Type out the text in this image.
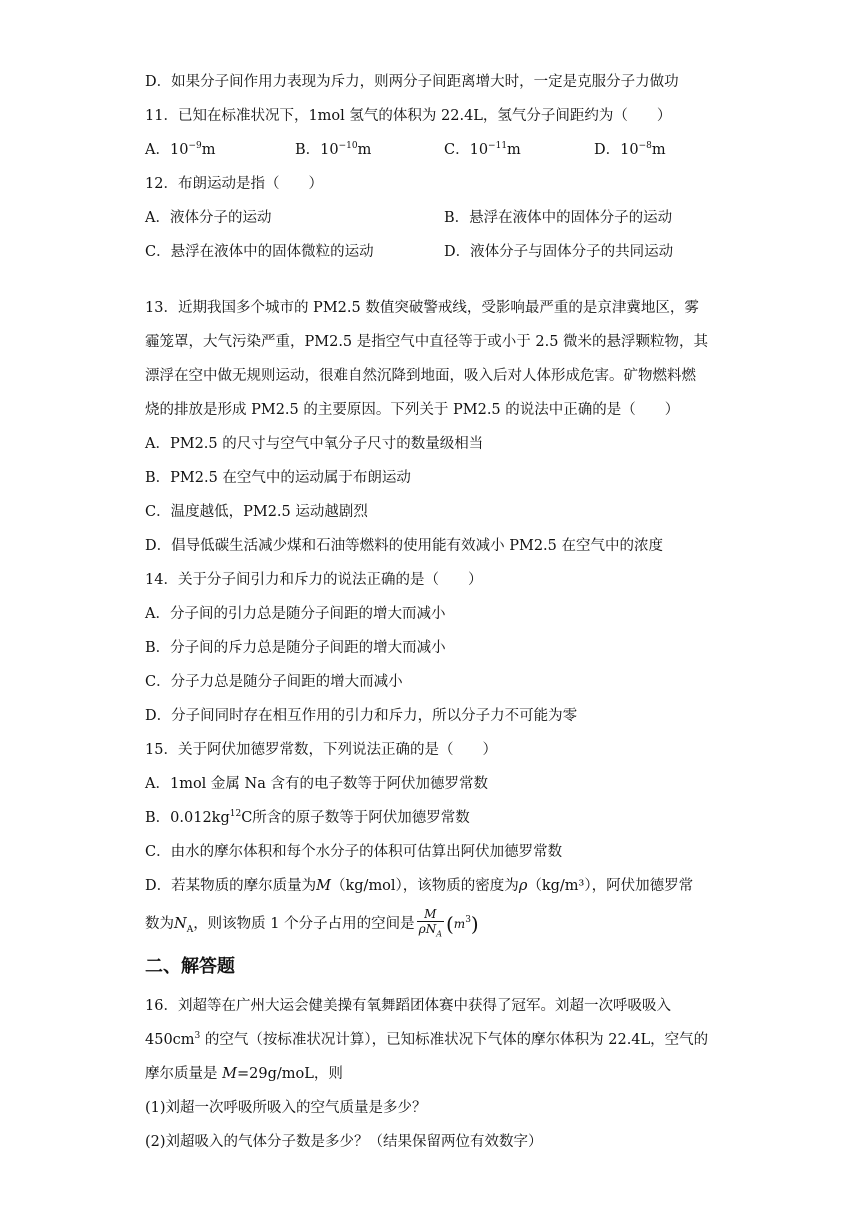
D．如果分子间作用力表现为斥力，则两分子间距离增大时，一定是克服分子力做功
11．已知在标准状况下，1mol 氢气的体积为 22.4L，氢气分子间距约为（　　）
A．$10^{-9}m$	B．$10^{-10}m$	C．$10^{-11}m$	D．$10^{-8}m$
12．布朗运动是指（　　）
A．液体分子的运动	B．悬浮在液体中的固体分子的运动
C．悬浮在液体中的固体微粒的运动	D．液体分子与固体分子的共同运动
13．近期我国多个城市的 PM2.5 数值突破警戒线，受影响最严重的是京津冀地区，雾
霾笼罩，大气污染严重，PM2.5 是指空气中直径等于或小于 2.5 微米的悬浮颗粒物，其
漂浮在空中做无规则运动，很难自然沉降到地面，吸入后对人体形成危害。矿物燃料燃
烧的排放是形成 PM2.5 的主要原因。下列关于 PM2.5 的说法中正确的是（　　）
A．PM2.5 的尺寸与空气中氧分子尺寸的数量级相当
B．PM2.5 在空气中的运动属于布朗运动
C．温度越低，PM2.5 运动越剧烈
D．倡导低碳生活减少煤和石油等燃料的使用能有效减小 PM2.5 在空气中的浓度
14．关于分子间引力和斥力的说法正确的是（　　）
A．分子间的引力总是随分子间距的增大而减小
B．分子间的斥力总是随分子间距的增大而减小
C．分子力总是随分子间距的增大而减小
D．分子间同时存在相互作用的引力和斥力，所以分子力不可能为零
15．关于阿伏加德罗常数，下列说法正确的是（　　）
A．1mol 金属 Na 含有的电子数等于阿伏加德罗常数
B．$0.012kg^{12}C$所含的原子数等于阿伏加德罗常数
C．由水的摩尔体积和每个水分子的体积可估算出阿伏加德罗常数
D．若某物质的摩尔质量为M（kg/mol），该物质的密度为ρ（kg/m³），阿伏加德罗常
数为$N_A$，则该物质 1 个分子占用的空间是 $\frac{M}{\rho N_A} (m^3)$
二、解答题
16．刘超等在广州大运会健美操有氧舞蹈团体赛中获得了冠军。刘超一次呼吸吸入
$450cm^3$ 的空气（按标准状况计算），已知标准状况下气体的摩尔体积为 22.4L，空气的
摩尔质量是 M=29g/moL，则
(1)刘超一次呼吸所吸入的空气质量是多少？
(2)刘超吸入的气体分子数是多少？（结果保留两位有效数字）
